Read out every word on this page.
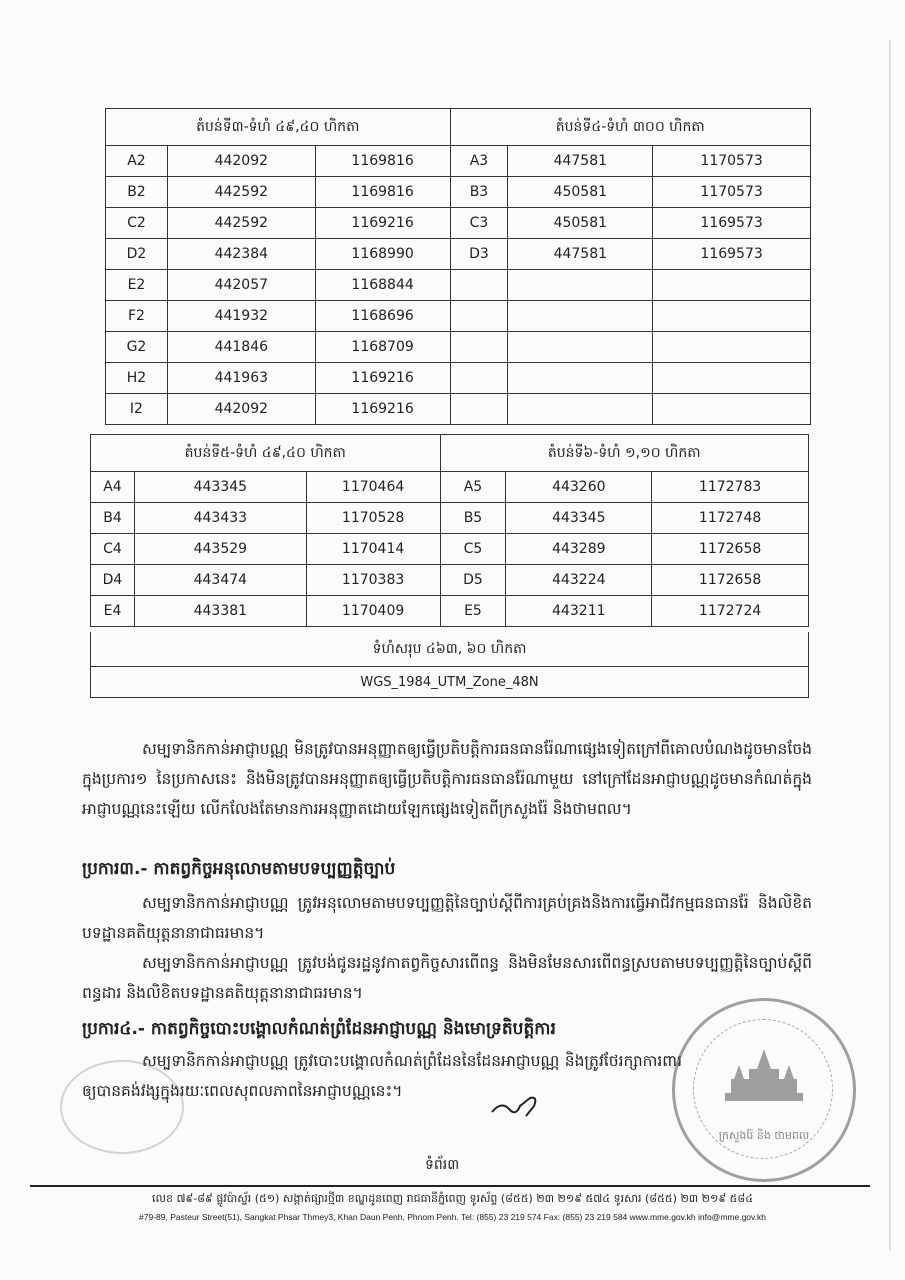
តំបន់ទី៣-ទំហំ ៤៩,៤០ ហិកតា			តំបន់ទី៤-ទំហំ ៣០០ ហិកតា		
A2	442092	1169816	A3	447581	1170573
B2	442592	1169816	B3	450581	1170573
C2	442592	1169216	C3	450581	1169573
D2	442384	1168990	D3	447581	1169573
E2	442057	1168844			
F2	441932	1168696			
G2	441846	1168709			
H2	441963	1169216			
I2	442092	1169216			
តំបន់ទី៥-ទំហំ ៤៩,៤០ ហិកតា			តំបន់ទី៦-ទំហំ ១,១០ ហិកតា		
A4	443345	1170464	A5	443260	1172783
B4	443433	1170528	B5	443345	1172748
C4	443529	1170414	C5	443289	1172658
D4	443474	1170383	D5	443224	1172658
E4	443381	1170409	E5	443211	1172724
ទំហំសរុប ៤៦៣, ៦០ ហិកតា
WGS_1984_UTM_Zone_48N
សម្បទានិកកាន់អាជ្ញាបណ្ណ មិនត្រូវបានអនុញ្ញាតឲ្យធ្វើប្រតិបត្តិការធនធានរ៉ែណាផ្សេងទៀតក្រៅពីគោលបំណងដូចមានចែងក្នុងប្រការ១ នៃប្រកាសនេះ និងមិនត្រូវបានអនុញ្ញាតឲ្យធ្វើប្រតិបត្តិការធនធានរ៉ែណាមួយ នៅក្រៅដែនអាជ្ញាបណ្ណដូចមានកំណត់ក្នុងអាជ្ញាបណ្ណនេះឡើយ លើកលែងតែមានការអនុញ្ញាតដោយឡែកផ្សេងទៀតពីក្រសួងរ៉ែ និងថាមពល។
ប្រការ៣.- កាតព្វកិច្ចអនុលោមតាមបទប្បញ្ញត្តិច្បាប់
សម្បទានិកកាន់អាជ្ញាបណ្ណ ត្រូវអនុលោមតាមបទប្បញ្ញត្តិនៃច្បាប់ស្តីពីការគ្រប់គ្រងនិងការធ្វើអាជីវកម្មធនធានរ៉ែ និងលិខិតបទដ្ឋានគតិយុត្តនានាជាធរមាន។
សម្បទានិកកាន់អាជ្ញាបណ្ណ ត្រូវបង់ជូនរដ្ឋនូវកាតព្វកិច្ចសារពើពន្ធ និងមិនមែនសារពើពន្ធស្របតាមបទប្បញ្ញត្តិនៃច្បាប់ស្តីពីពន្ធដារ និងលិខិតបទដ្ឋានគតិយុត្តនានាជាធរមាន។
ប្រការ៤.- កាតព្វកិច្ចបោះបង្គោលកំណត់ព្រំដែនអាជ្ញាបណ្ណ និងមោទ្រតិបត្តិការ
សម្បទានិកកាន់អាជ្ញាបណ្ណ ត្រូវបោះបង្គោលកំណត់ព្រំដែននៃដែនអាជ្ញាបណ្ណ និងត្រូវថែរក្សាការពារឲ្យបានគង់វង្សក្នុងរយៈពេលសុពលភាពនៃអាជ្ញាបណ្ណនេះ។
ក្រសួងរ៉ែ និង ថាមពល
ទំព័រ៣
លេខ ៧៩-៨៩ ផ្លូវប៉ាស្ទ័រ (៥១) សង្កាត់ផ្សារថ្មី៣ ខណ្ឌដូនពេញ រាជធានីភ្នំពេញ ទូរស័ព្ទ (៨៥៥) ២៣ ២១៩ ៥៧៤ ទូរសារ (៨៥៥) ២៣ ២១៩ ៥៨៤
#79-89, Pasteur Street(51), Sangkat Phsar Thmey3, Khan Daun Penh, Phnom Penh. Tel: (855) 23 219 574 Fax: (855) 23 219 584 www.mme.gov.kh info@mme.gov.kh
